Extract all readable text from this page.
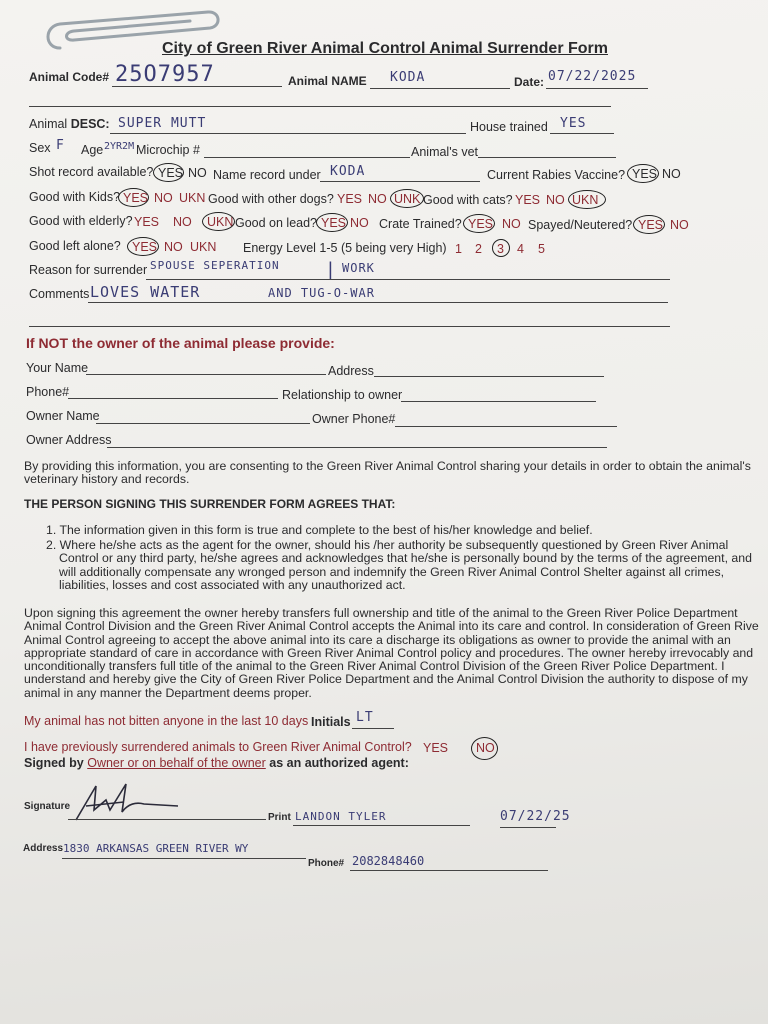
City of Green River Animal Control Animal Surrender Form
Animal Code# 25O7957	Animal NAME KODA	Date: 07/22/2025
Animal DESC: SUPER MUTT	House trained YES
Sex F Age 2YR2M Microchip #	Animal's vet
Shot record available? YES NO Name record under KODA	Current Rabies Vaccine? YES NO
Good with Kids? YES NO UKN Good with other dogs? YES NO UNK Good with cats? YES NO UKN
Good with elderly? YES NO UKN Good on lead? YES NO Crate Trained? YES NO Spayed/Neutered? YES NO
Good left alone? YES NO UKN Energy Level 1-5 (5 being very High) 1 2 3 4 5
Reason for surrender SPOUSE SEPERATION	| WORK
Comments LOVES WATER	AND TUG-O-WAR
If NOT the owner of the animal please provide:
Your Name	Address
Phone#	Relationship to owner
Owner Name	Owner Phone#
Owner Address
By providing this information, you are consenting to the Green River Animal Control sharing your details in order to obtain the animal's
veterinary history and records.
THE PERSON SIGNING THIS SURRENDER FORM AGREES THAT:
1. The information given in this form is true and complete to the best of his/her knowledge and belief.
2. Where he/she acts as the agent for the owner, should his /her authority be subsequently questioned by Green River Animal
Control or any third party, he/she agrees and acknowledges that he/she is personally bound by the terms of the agreement, and
will additionally compensate any wronged person and indemnify the Green River Animal Control Shelter against all crimes,
liabilities, losses and cost associated with any unauthorized act.
Upon signing this agreement the owner hereby transfers full ownership and title of the animal to the Green River Police Department
Animal Control Division and the Green River Animal Control accepts the Animal into its care and control. In consideration of Green Rive
Animal Control agreeing to accept the above animal into its care a discharge its obligations as owner to provide the animal with an
appropriate standard of care in accordance with Green River Animal Control policy and procedures. The owner hereby irrevocably and
unconditionally transfers full title of the animal to the Green River Animal Control Division of the Green River Police Department. I
understand and hereby give the City of Green River Police Department and the Animal Control Division the authority to dispose of my
animal in any manner the Department deems proper.
My animal has not bitten anyone in the last 10 days Initials LT
I have previously surrendered animals to Green River Animal Control? YES NO
Signed by Owner or on behalf of the owner as an authorized agent:
Signature
Print LANDON TYLER	07/22/25
Address 1830 ARKANSAS GREEN RIVER WY
Phone# 2082848460
